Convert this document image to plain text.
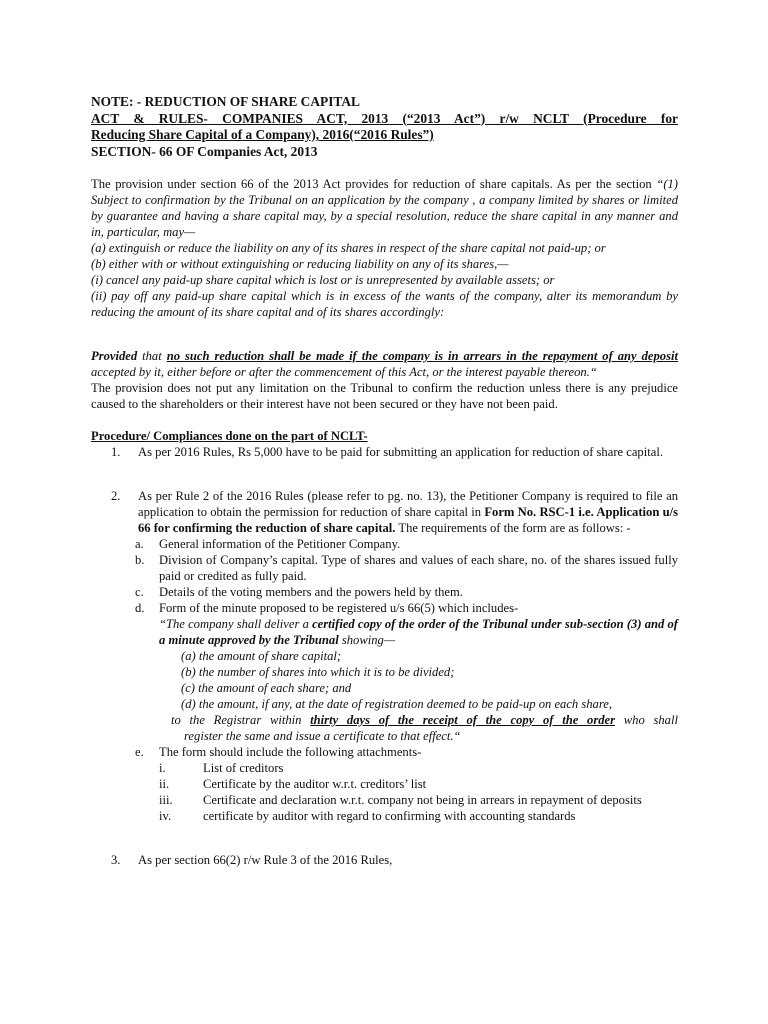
NOTE: - REDUCTION OF SHARE CAPITAL

ACT & RULES- COMPANIES ACT, 2013 (“2013 Act”) r/w NCLT (Procedure for

Reducing Share Capital of a Company), 2016(“2016 Rules”)

SECTION- 66 OF Companies Act, 2013

The provision under section 66 of the 2013 Act provides for reduction of share capitals. As per the section “(1) Subject to confirmation by the Tribunal on an application by the company , a company limited by shares or limited by guarantee and having a share capital may, by a special resolution, reduce the share capital in any manner and in, particular, may—

(a) extinguish or reduce the liability on any of its shares in respect of the share capital not paid-up; or

(b) either with or without extinguishing or reducing liability on any of its shares,—

(i) cancel any paid-up share capital which is lost or is unrepresented by available assets; or

(ii) pay off any paid-up share capital which is in excess of the wants of the company, alter its memorandum by reducing the amount of its share capital and of its shares accordingly:

Provided that no such reduction shall be made if the company is in arrears in the repayment of any deposit accepted by it, either before or after the commencement of this Act, or the interest payable thereon.“

The provision does not put any limitation on the Tribunal to confirm the reduction unless there is any prejudice caused to the shareholders or their interest have not been secured or they have not been paid.

Procedure/ Compliances done on the part of NCLT-

1.	As per 2016 Rules, Rs 5,000 have to be paid for submitting an application for reduction of share capital.
2.	As per Rule 2 of the 2016 Rules (please refer to pg. no. 13), the Petitioner Company is required to file an application to obtain the permission for reduction of share capital in Form No. RSC-1 i.e. Application u/s 66 for confirming the reduction of share capital. The requirements of the form are as follows: -
a.	General information of the Petitioner Company.
b.	Division of Company’s capital. Type of shares and values of each share, no. of the shares issued fully paid or credited as fully paid.
c.	Details of the voting members and the powers held by them.
d.	Form of the minute proposed to be registered u/s 66(5) which includes-

“The company shall deliver a certified copy of the order of the Tribunal under sub-section (3) and of a minute approved by the Tribunal showing—

(a) the amount of share capital;

(b) the number of shares into which it is to be divided;

(c) the amount of each share; and

(d) the amount, if any, at the date of registration deemed to be paid-up on each share,

to the Registrar within thirty days of the receipt of the copy of the order who shall

register the same and issue a certificate to that effect.“

e.	The form should include the following attachments-
i.	List of creditors
ii.	Certificate by the auditor w.r.t. creditors’ list
iii.	Certificate and declaration w.r.t. company not being in arrears in repayment of deposits
iv.	certificate by auditor with regard to confirming with accounting standards
3.	As per section 66(2) r/w Rule 3 of the 2016 Rules,
